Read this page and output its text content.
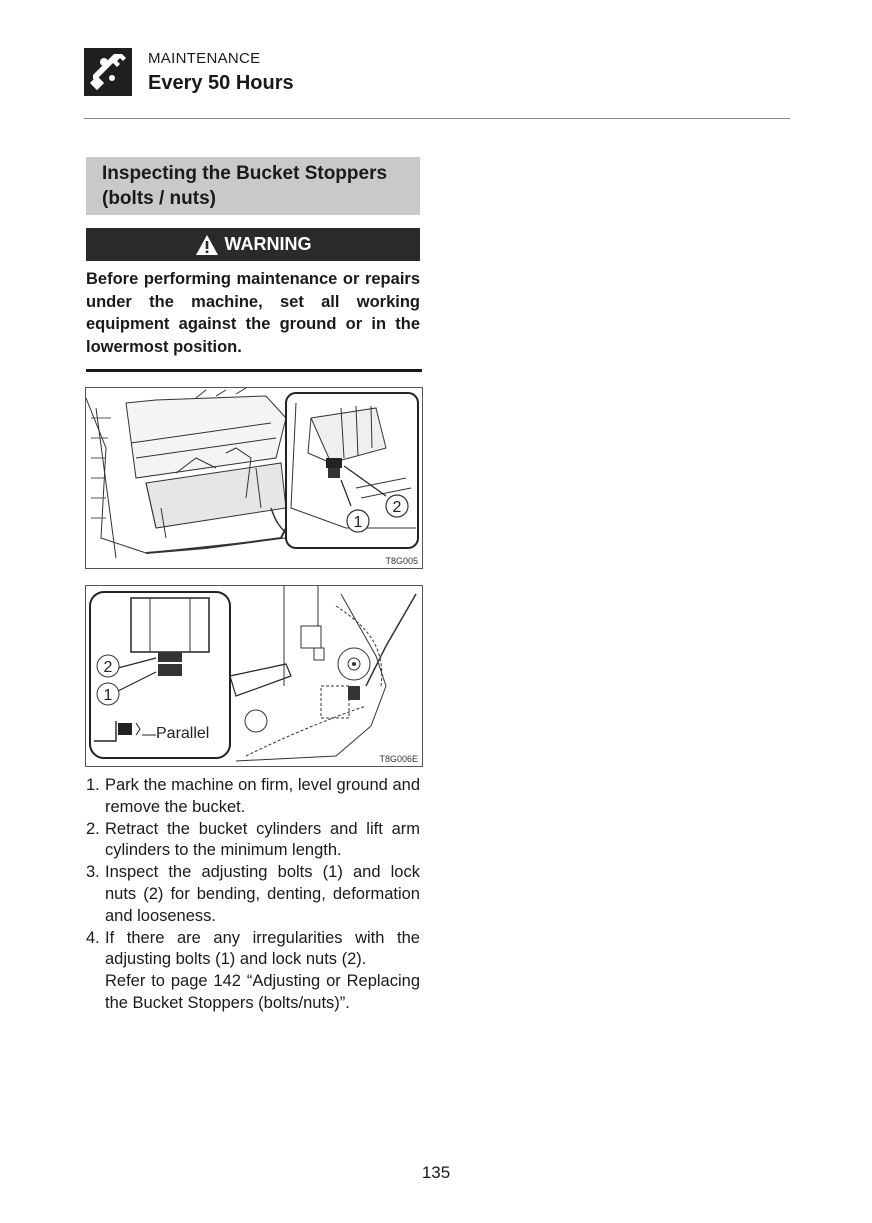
MAINTENANCE
Every 50 Hours
Inspecting the Bucket Stoppers
(bolts / nuts)
WARNING
Before performing maintenance or repairs under the machine, set all working equipment against the ground or in the lowermost position.
1
2
T8G005
2
1
Parallel
T8G006E
1. Park the machine on firm, level ground and remove the bucket.
2. Retract the bucket cylinders and lift arm cylinders to the minimum length.
3. Inspect the adjusting bolts (1) and lock nuts (2) for bending, denting, deformation and looseness.
4. If there are any irregularities with the adjusting bolts (1) and lock nuts (2).
Refer to page 142 “Adjusting or Replacing the Bucket Stoppers (bolts/nuts)”.
135
